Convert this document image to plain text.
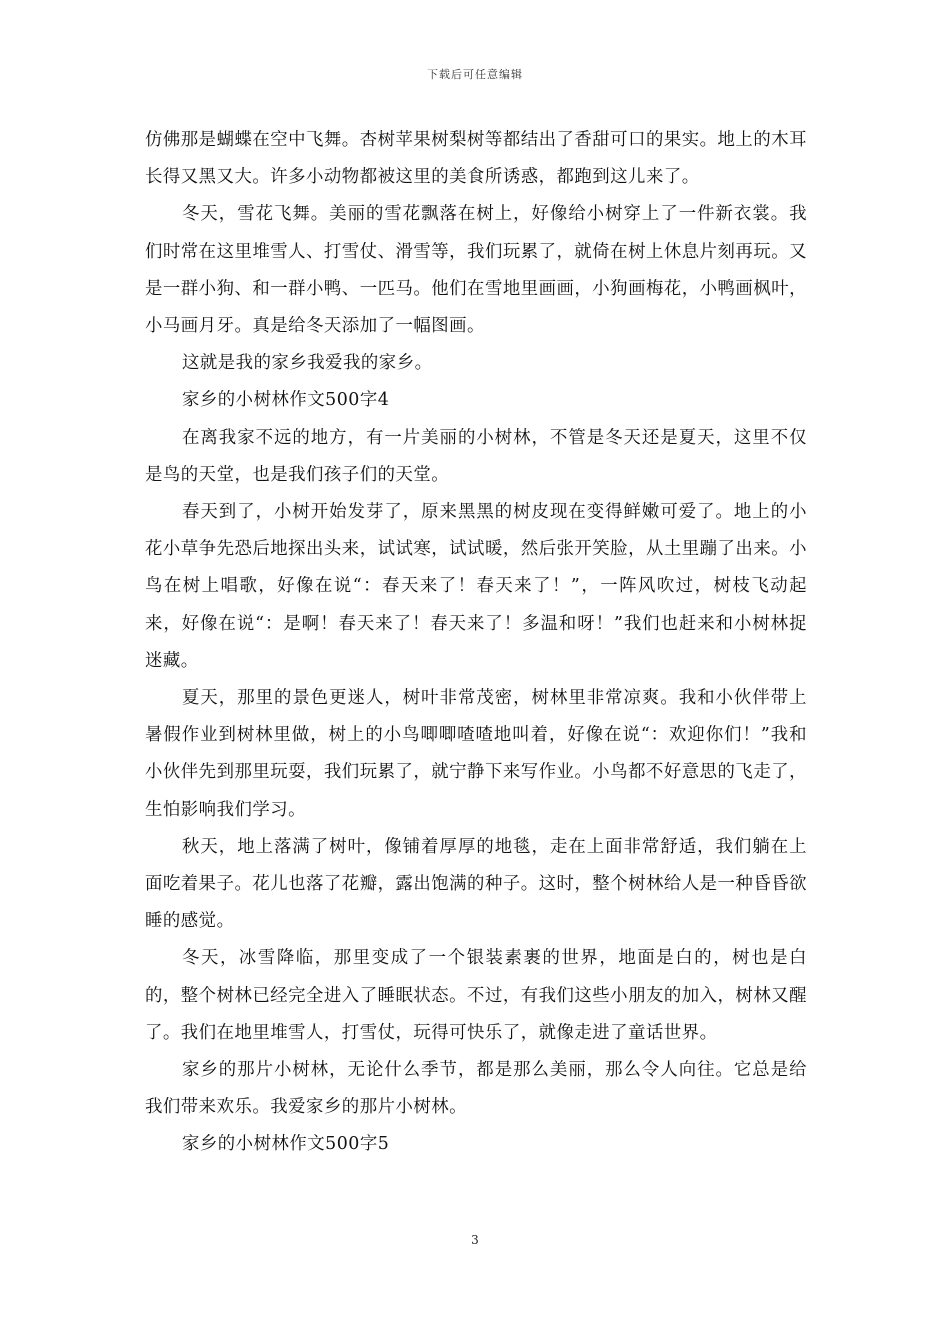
下载后可任意编辑

仿佛那是蝴蝶在空中飞舞。杏树苹果树梨树等都结出了香甜可口的果实。地上的木耳长得又黑又大。许多小动物都被这里的美食所诱惑，都跑到这儿来了。

冬天，雪花飞舞。美丽的雪花飘落在树上，好像给小树穿上了一件新衣裳。我们时常在这里堆雪人、打雪仗、滑雪等，我们玩累了，就倚在树上休息片刻再玩。又是一群小狗、和一群小鸭、一匹马。他们在雪地里画画，小狗画梅花，小鸭画枫叶，小马画月牙。真是给冬天添加了一幅图画。

这就是我的家乡我爱我的家乡。

家乡的小树林作文500字4

在离我家不远的地方，有一片美丽的小树林，不管是冬天还是夏天，这里不仅是鸟的天堂，也是我们孩子们的天堂。

春天到了，小树开始发芽了，原来黑黑的树皮现在变得鲜嫩可爱了。地上的小花小草争先恐后地探出头来，试试寒，试试暖，然后张开笑脸，从土里蹦了出来。小鸟在树上唱歌，好像在说“：春天来了！春天来了！”，一阵风吹过，树枝飞动起来，好像在说“：是啊！春天来了！春天来了！多温和呀！”我们也赶来和小树林捉迷藏。

夏天，那里的景色更迷人，树叶非常茂密，树林里非常凉爽。我和小伙伴带上暑假作业到树林里做，树上的小鸟唧唧喳喳地叫着，好像在说“：欢迎你们！”我和小伙伴先到那里玩耍，我们玩累了，就宁静下来写作业。小鸟都不好意思的飞走了，生怕影响我们学习。

秋天，地上落满了树叶，像铺着厚厚的地毯，走在上面非常舒适，我们躺在上面吃着果子。花儿也落了花瓣，露出饱满的种子。这时，整个树林给人是一种昏昏欲睡的感觉。

冬天，冰雪降临，那里变成了一个银装素裹的世界，地面是白的，树也是白的，整个树林已经完全进入了睡眠状态。不过，有我们这些小朋友的加入，树林又醒了。我们在地里堆雪人，打雪仗，玩得可快乐了，就像走进了童话世界。

家乡的那片小树林，无论什么季节，都是那么美丽，那么令人向往。它总是给我们带来欢乐。我爱家乡的那片小树林。

家乡的小树林作文500字5

3
